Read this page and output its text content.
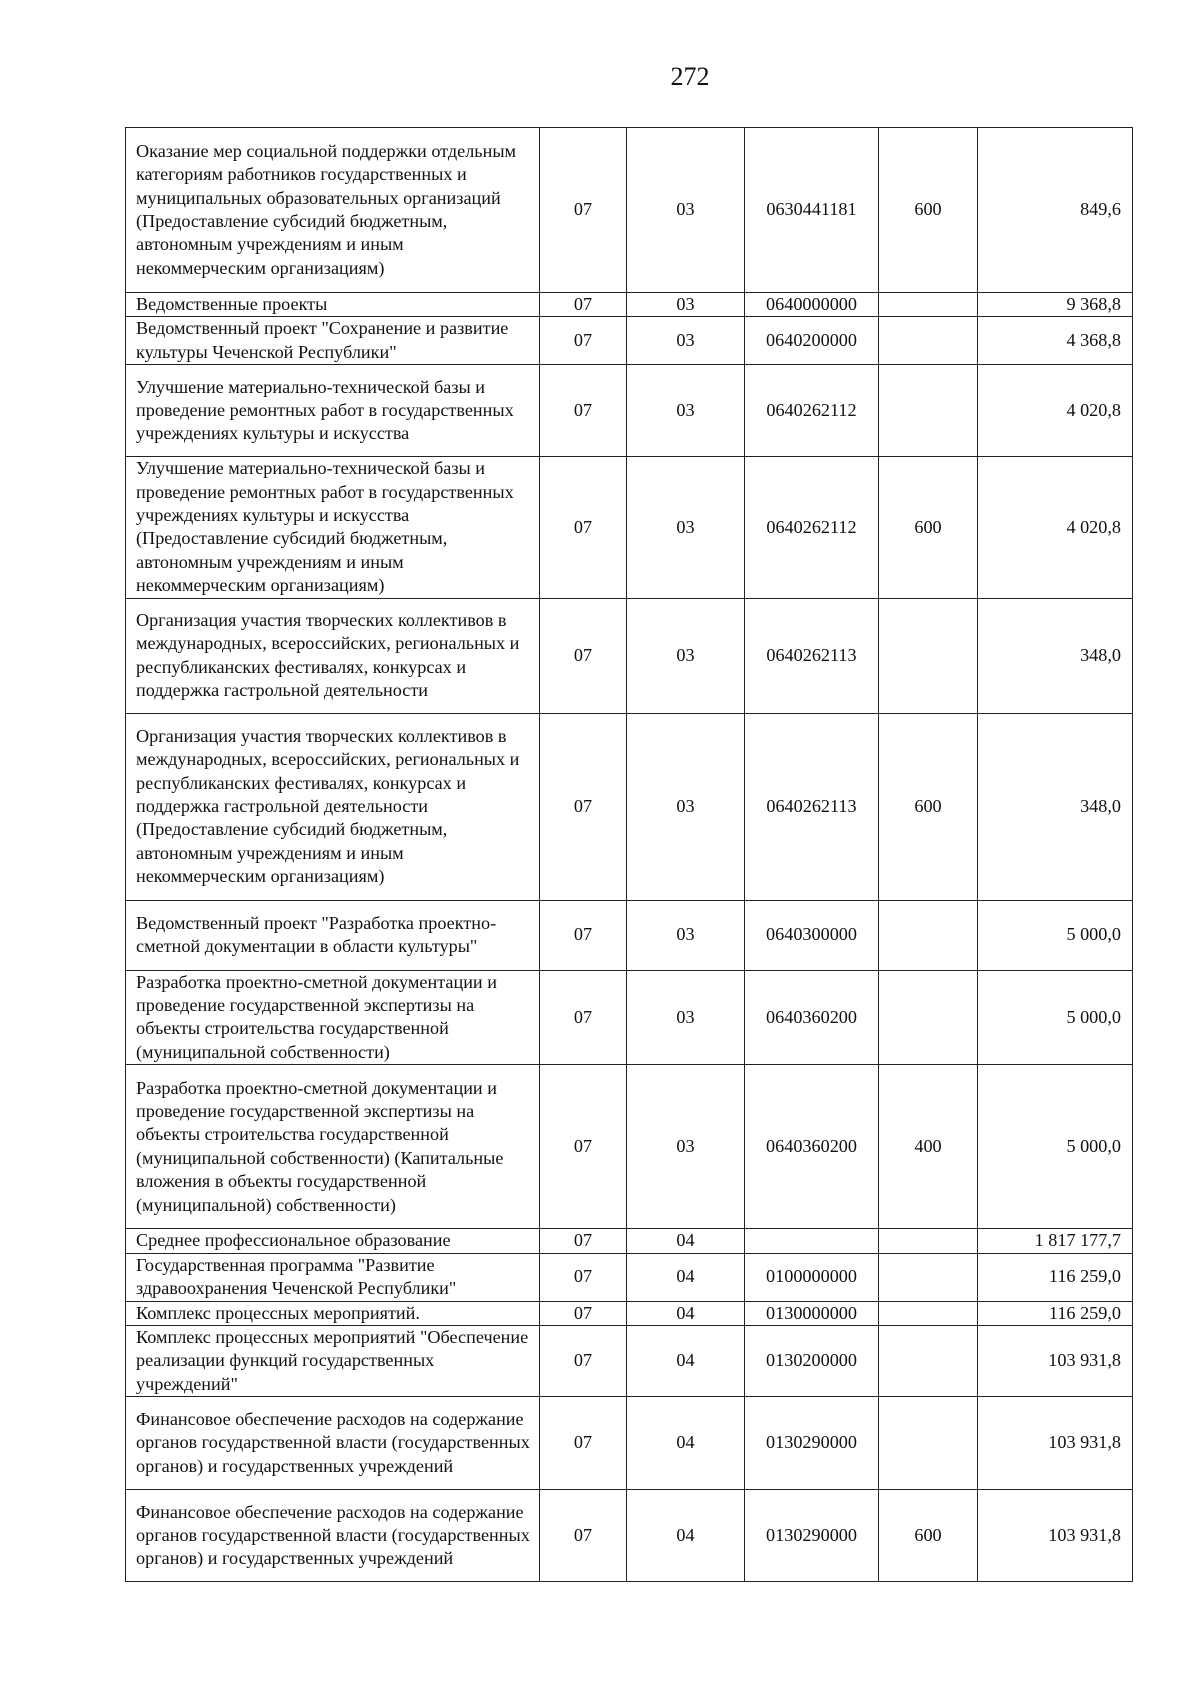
272
Оказание мер социальной поддержки отдельным категориям работников государственных и муниципальных образовательных организаций (Предоставление субсидий бюджетным, автономным учреждениям и иным некоммерческим организациям)	07	03	0630441181	600	849,6
Ведомственные проекты	07	03	0640000000		9 368,8
Ведомственный проект "Сохранение и развитие культуры Чеченской Республики"	07	03	0640200000		4 368,8
Улучшение материально-технической базы и проведение ремонтных работ в государственных учреждениях культуры и искусства	07	03	0640262112		4 020,8
Улучшение материально-технической базы и проведение ремонтных работ в государственных учреждениях культуры и искусства (Предоставление субсидий бюджетным, автономным учреждениям и иным некоммерческим организациям)	07	03	0640262112	600	4 020,8
Организация участия творческих коллективов в международных, всероссийских, региональных и республиканских фестивалях, конкурсах и поддержка гастрольной деятельности	07	03	0640262113		348,0
Организация участия творческих коллективов в международных, всероссийских, региональных и республиканских фестивалях, конкурсах и поддержка гастрольной деятельности (Предоставление субсидий бюджетным, автономным учреждениям и иным некоммерческим организациям)	07	03	0640262113	600	348,0
Ведомственный проект "Разработка проектно-сметной документации в области культуры"	07	03	0640300000		5 000,0
Разработка проектно-сметной документации и проведение государственной экспертизы на объекты строительства государственной (муниципальной собственности)	07	03	0640360200		5 000,0
Разработка проектно-сметной документации и проведение государственной экспертизы на объекты строительства государственной (муниципальной собственности) (Капитальные вложения в объекты государственной (муниципальной) собственности)	07	03	0640360200	400	5 000,0
Среднее профессиональное образование	07	04			1 817 177,7
Государственная программа "Развитие здравоохранения Чеченской Республики"	07	04	0100000000		116 259,0
Комплекс процессных мероприятий.	07	04	0130000000		116 259,0
Комплекс процессных мероприятий "Обеспечение реализации функций государственных учреждений"	07	04	0130200000		103 931,8
Финансовое обеспечение расходов на содержание органов государственной власти (государственных органов) и государственных учреждений	07	04	0130290000		103 931,8
Финансовое обеспечение расходов на содержание органов государственной власти (государственных органов) и государственных учреждений	07	04	0130290000	600	103 931,8
